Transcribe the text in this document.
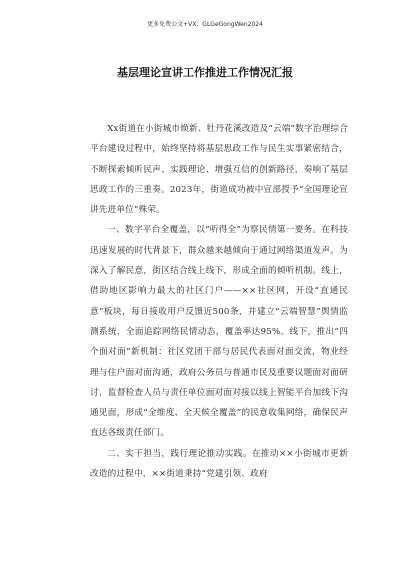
更多免费公文+VX：GLGeGongWen2024
基层理论宣讲工作推进工作情况汇报

Xx街道在小街城市焕新、牡丹花溪改造及“云端”数字治理综合平台建设过程中，始终坚持将基层思政工作与民生实事紧密结合，不断探索倾听民声、实践理论、增强互信的创新路径，奏响了基层思政工作的三重奏。2023年，街道成功被中宣部授予“全国理论宣讲先进单位”殊荣。

一、数字平台全覆盖，以“听得全”为察民情第一要务。在科技迅速发展的时代背景下，群众越来越倾向于通过网络渠道发声。为深入了解民意，街区结合线上线下，形成全面的倾听机制。线上，借助地区影响力最大的社区门户——××社区网，开设“直通民意”板块，每日接收用户反馈近500条，并建立“云端智慧”舆情监测系统，全面追踪网络民情动态，覆盖率达95%。线下，推出“四个面对面”新机制：社区党团干部与居民代表面对面交流，物业经理与住户面对面沟通，政府公务员与普通市民及重要议题面对面研讨，监督检查人员与责任单位面对面对接以线上智能平台加线下沟通见面，形成“全维度、全天候全覆盖”的民意收集网络，确保民声直达各级责任部门。

二、实干担当，践行理论推动实践。在推动××小街城市更新改造的过程中，××街道秉持“党建引领、政府
